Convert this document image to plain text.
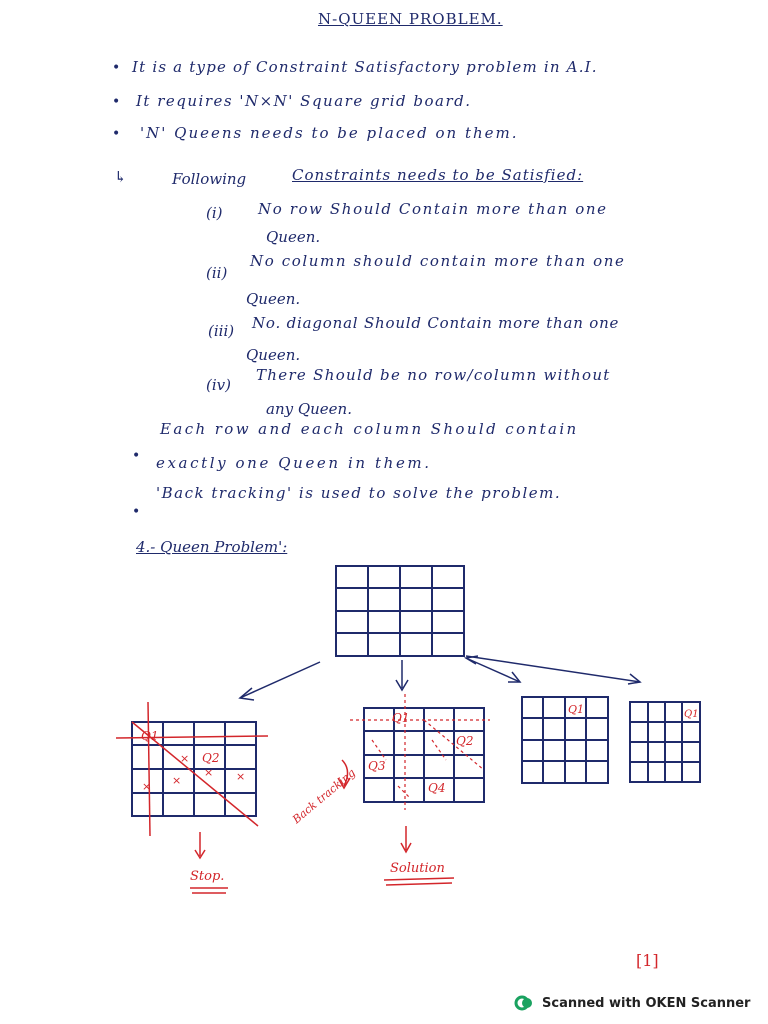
N-QUEEN PROBLEM.
• It is a type of Constraint Satisfactory problem in A.I.
• It requires 'N×N' Square grid board.
• 'N' Queens needs to be placed on them.
↳	Following	Constraints needs to be Satisfied:
(i) No row Should Contain more than one
Queen.
(ii)
No column should contain more than one
Queen.
(iii) No. diagonal Should Contain more than one
Queen.
(iv)
There Should be no row/column without
any Queen.
•
Each row and each column Should contain
exactly one Queen in them.
•
'Back tracking' is used to solve the problem.
4.- Queen Problem':
× ×
× ×
×
Q1
Q2
Stop.
Back tracking
Q1
Q2
Q3
Q4
Solution
Q1	Q1
[1]
Scanned with OKEN Scanner
